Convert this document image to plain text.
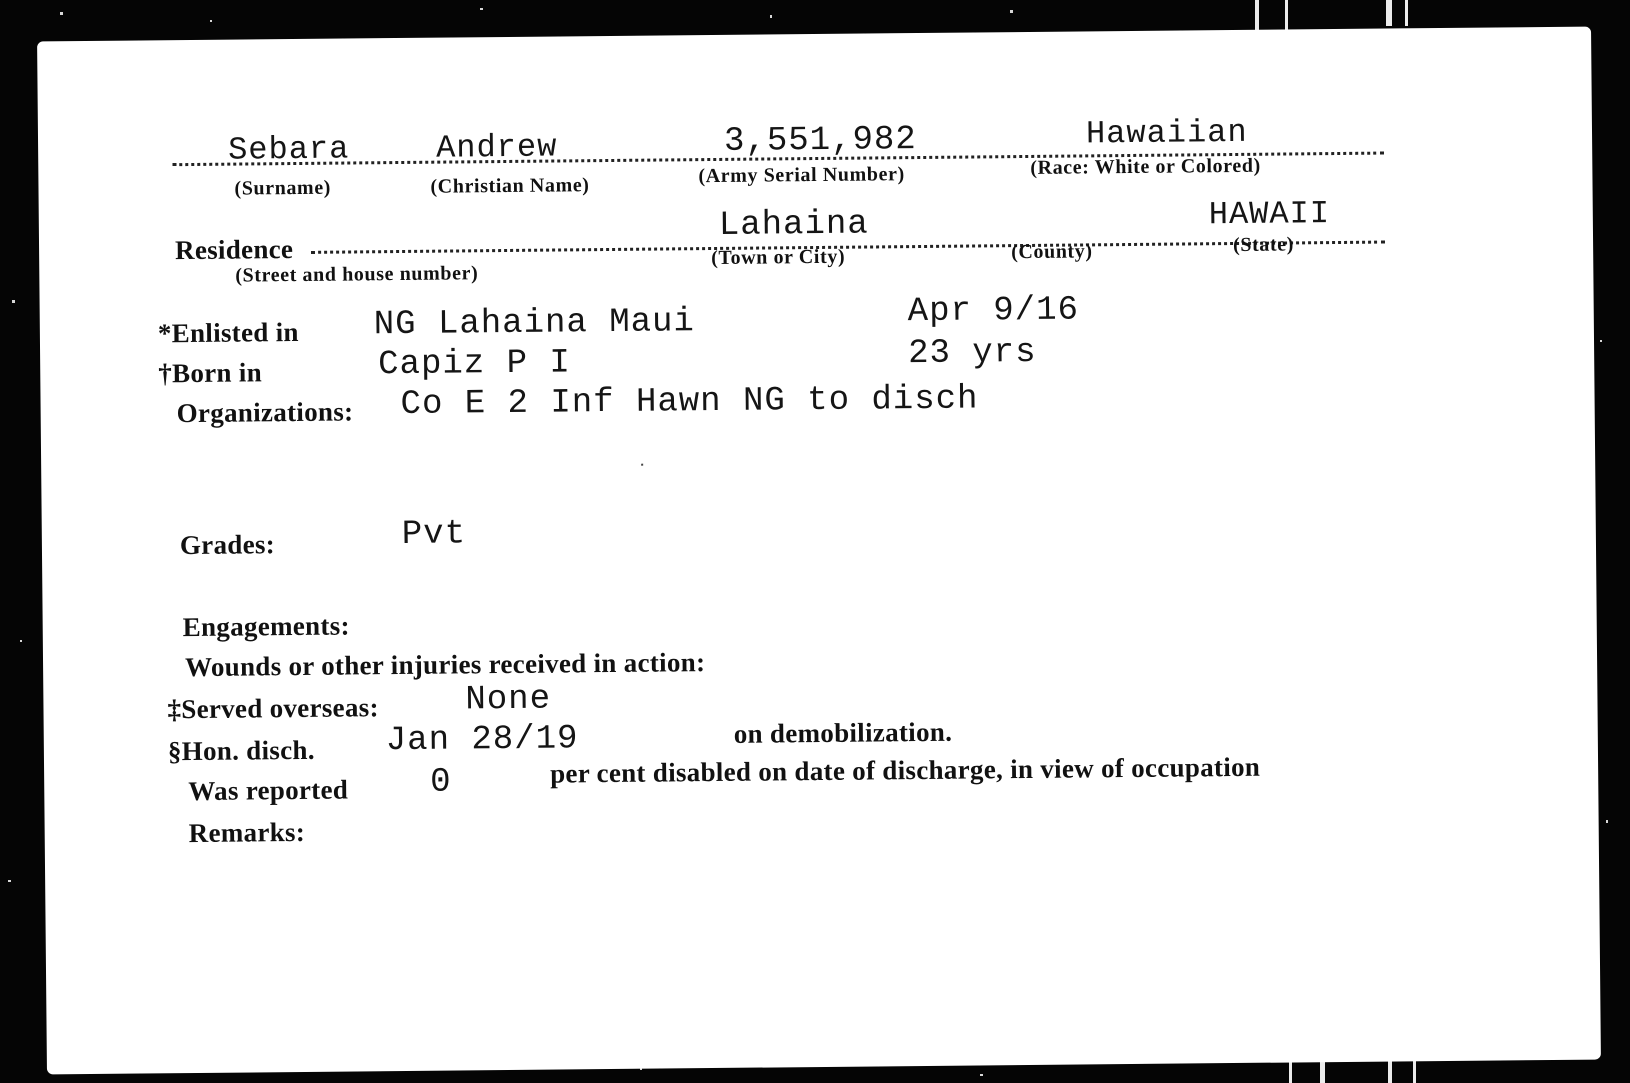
Sebara
(Surname)
Andrew
(Christian Name)
3,551,982
(Army Serial Number)
Hawaiian
(Race: White or Colored)
Residence
(Street and house number)
Lahaina
(Town or City)	(County)
HAWAII
(State)
*Enlisted in NG Lahaina Maui	Apr 9/16
†Born in	Capiz P I	23 yrs
Organizations: Co E 2 Inf Hawn NG to disch
Grades:	Pvt
Engagements:
Wounds or other injuries received in action:
‡Served overseas:	None
§Hon. disch. Jan 28/19	on demobilization.
Was reported 0	per cent disabled on date of discharge, in view of occupation
Remarks:
